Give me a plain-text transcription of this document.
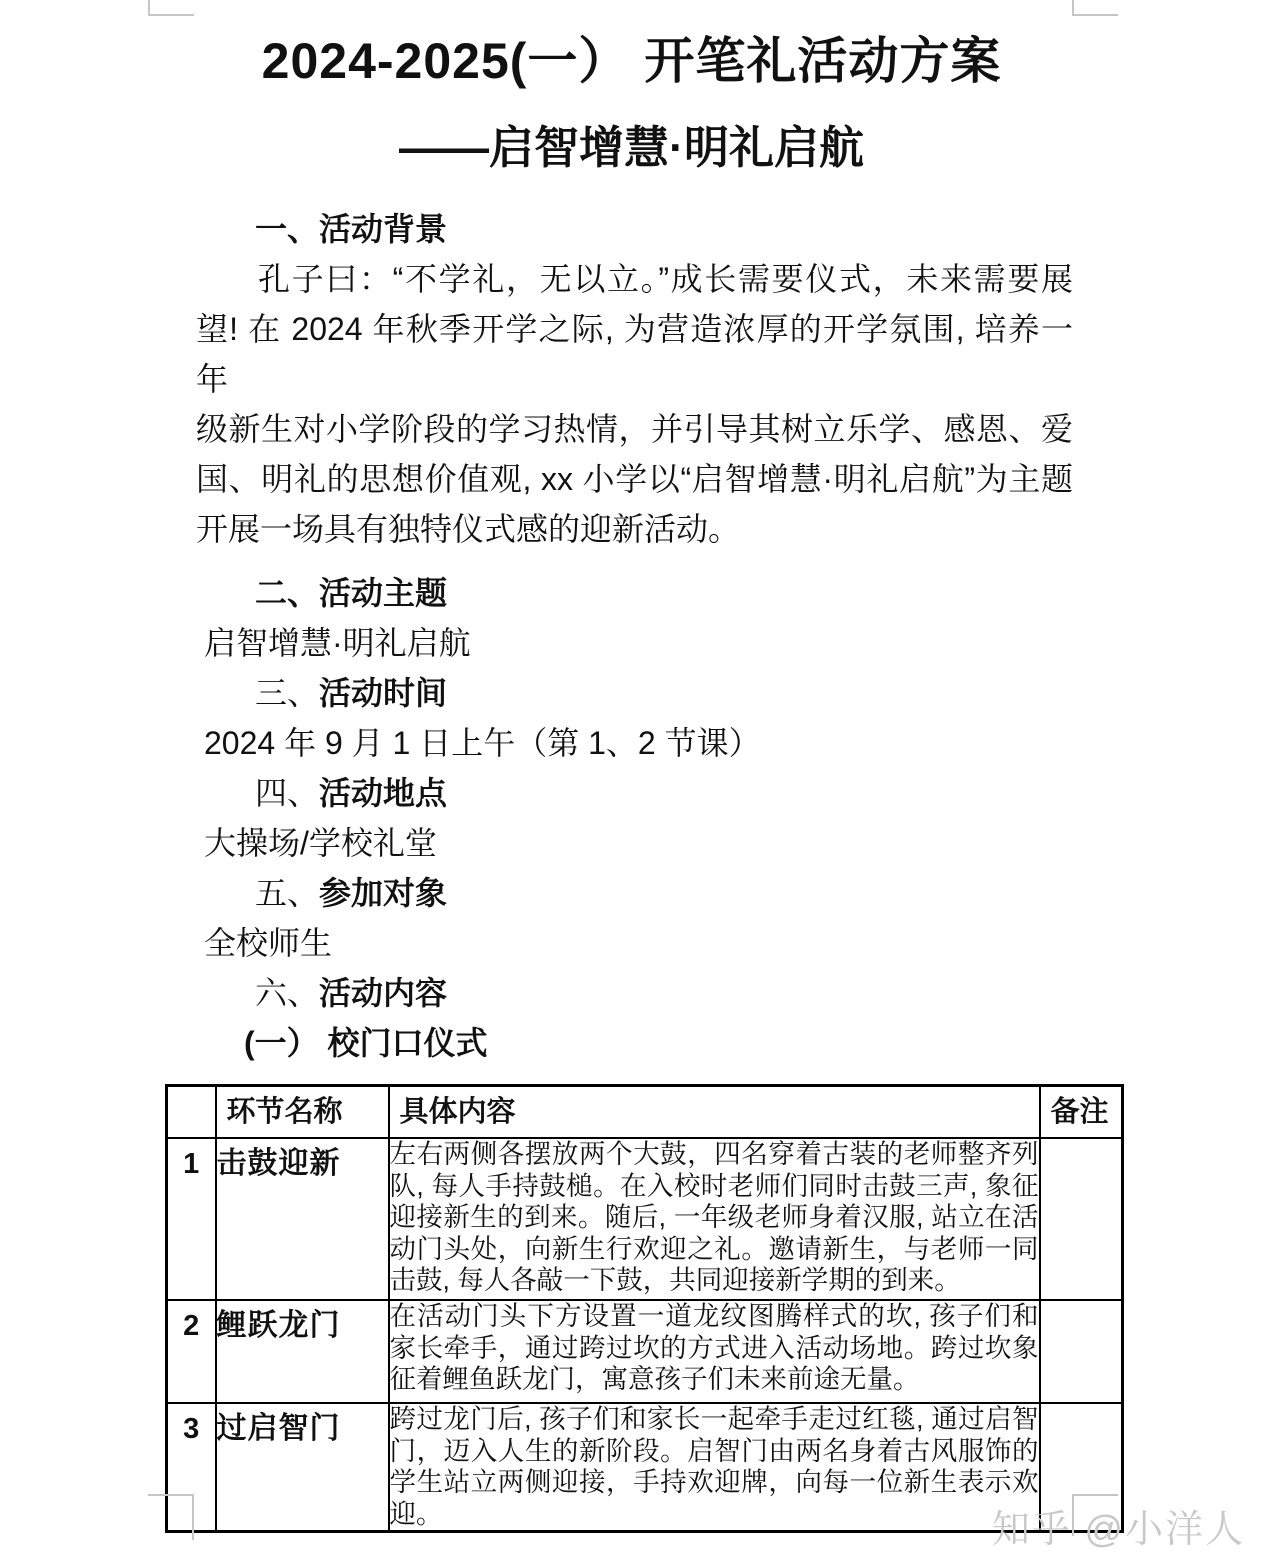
2024-2025(一） 开笔礼活动方案
——启智增慧·明礼启航
一、活动背景
孔子曰：“不学礼，无以立。”成长需要仪式，未来需要展
望! 在 2024 年秋季开学之际, 为营造浓厚的开学氛围, 培养一年
级新生对小学阶段的学习热情，并引导其树立乐学、感恩、爱
国、明礼的思想价值观, xx 小学以“启智增慧·明礼启航”为主题
开展一场具有独特仪式感的迎新活动。
二、活动主题
启智增慧·明礼启航
三、活动时间
2024 年 9 月 1 日上午（第 1、2 节课）
四、活动地点
大操场/学校礼堂
五、参加对象
全校师生
六、活动内容
(一） 校门口仪式
	环节名称	具体内容	备注
1	击鼓迎新	左右两侧各摆放两个大鼓，四名穿着古装的老师整齐列队, 每人手持鼓槌。在入校时老师们同时击鼓三声, 象征迎接新生的到来。随后, 一年级老师身着汉服, 站立在活动门头处，向新生行欢迎之礼。邀请新生，与老师一同击鼓, 每人各敲一下鼓，共同迎接新学期的到来。	
2	鲤跃龙门	在活动门头下方设置一道龙纹图腾样式的坎, 孩子们和家长牵手，通过跨过坎的方式进入活动场地。跨过坎象征着鲤鱼跃龙门，寓意孩子们未来前途无量。	
3	过启智门	跨过龙门后, 孩子们和家长一起牵手走过红毯, 通过启智门，迈入人生的新阶段。启智门由两名身着古风服饰的学生站立两侧迎接，手持欢迎牌，向每一位新生表示欢迎。		知乎 @小洋人
